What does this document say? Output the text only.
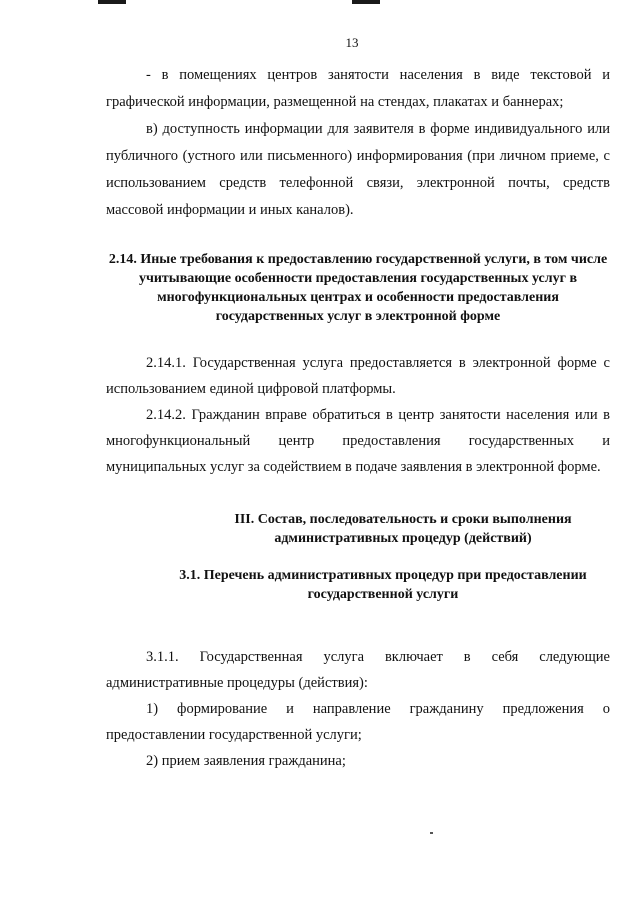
13

- в помещениях центров занятости населения в виде текстовой и графической информации, размещенной на стендах, плакатах и баннерах;

в) доступность информации для заявителя в форме индивидуального или публичного (устного или письменного) информирования (при личном приеме, с использованием средств телефонной связи, электронной почты, средств массовой информации и иных каналов).

2.14. Иные требования к предоставлению государственной услуги, в том числе учитывающие особенности предоставления государственных услуг в многофункциональных центрах и особенности предоставления государственных услуг в электронной форме

2.14.1. Государственная услуга предоставляется в электронной форме с использованием единой цифровой платформы.

2.14.2. Гражданин вправе обратиться в центр занятости населения или в многофункциональный центр предоставления государственных и муниципальных услуг за содействием в подаче заявления в электронной форме.

III. Состав, последовательность и сроки выполнения административных процедур (действий)

3.1. Перечень административных процедур при предоставлении государственной услуги

3.1.1. Государственная услуга включает в себя следующие административные процедуры (действия):

1) формирование и направление гражданину предложения о предоставлении государственной услуги;

2) прием заявления гражданина;
